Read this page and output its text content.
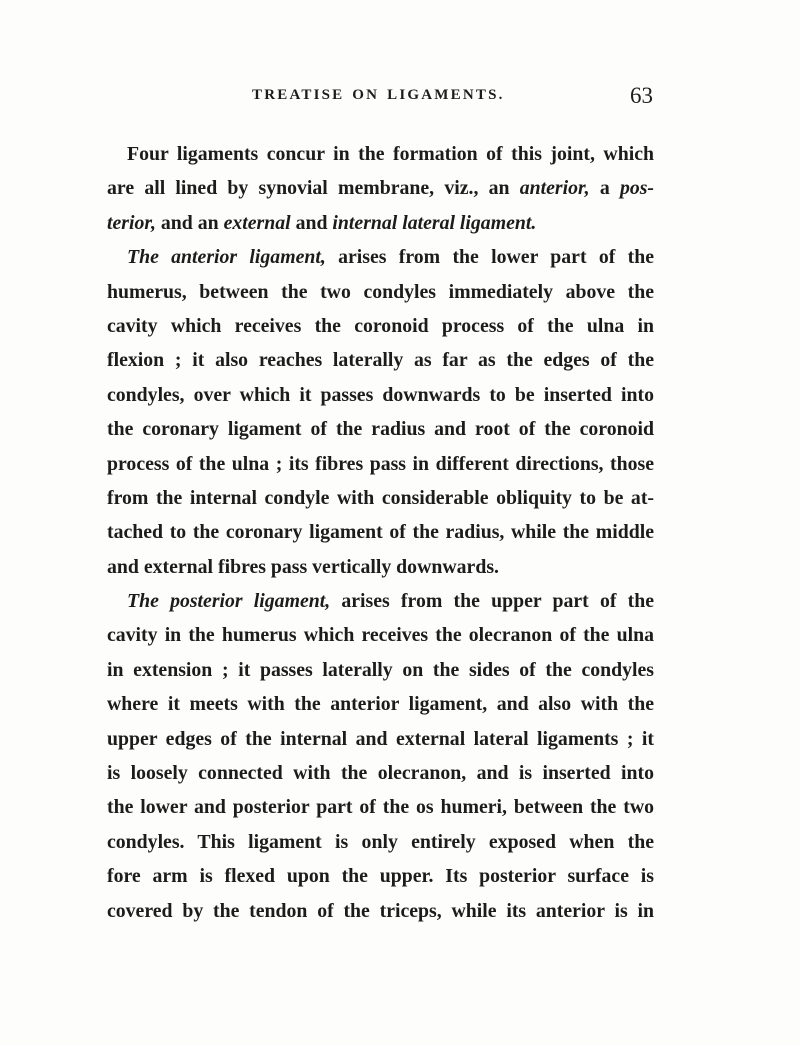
TREATISE ON LIGAMENTS.	63
Four ligaments concur in the formation of this joint, which
are all lined by synovial membrane, viz., an anterior, a pos-
terior, and an external and internal lateral ligament.
The anterior ligament, arises from the lower part of the
humerus, between the two condyles immediately above the
cavity which receives the coronoid process of the ulna in
flexion ; it also reaches laterally as far as the edges of the
condyles, over which it passes downwards to be inserted into
the coronary ligament of the radius and root of the coronoid
process of the ulna ; its fibres pass in different directions, those
from the internal condyle with considerable obliquity to be at-
tached to the coronary ligament of the radius, while the middle
and external fibres pass vertically downwards.
The posterior ligament, arises from the upper part of the
cavity in the humerus which receives the olecranon of the ulna
in extension ; it passes laterally on the sides of the condyles
where it meets with the anterior ligament, and also with the
upper edges of the internal and external lateral ligaments ; it
is loosely connected with the olecranon, and is inserted into
the lower and posterior part of the os humeri, between the two
condyles. This ligament is only entirely exposed when the
fore arm is flexed upon the upper. Its posterior surface is
covered by the tendon of the triceps, while its anterior is in
